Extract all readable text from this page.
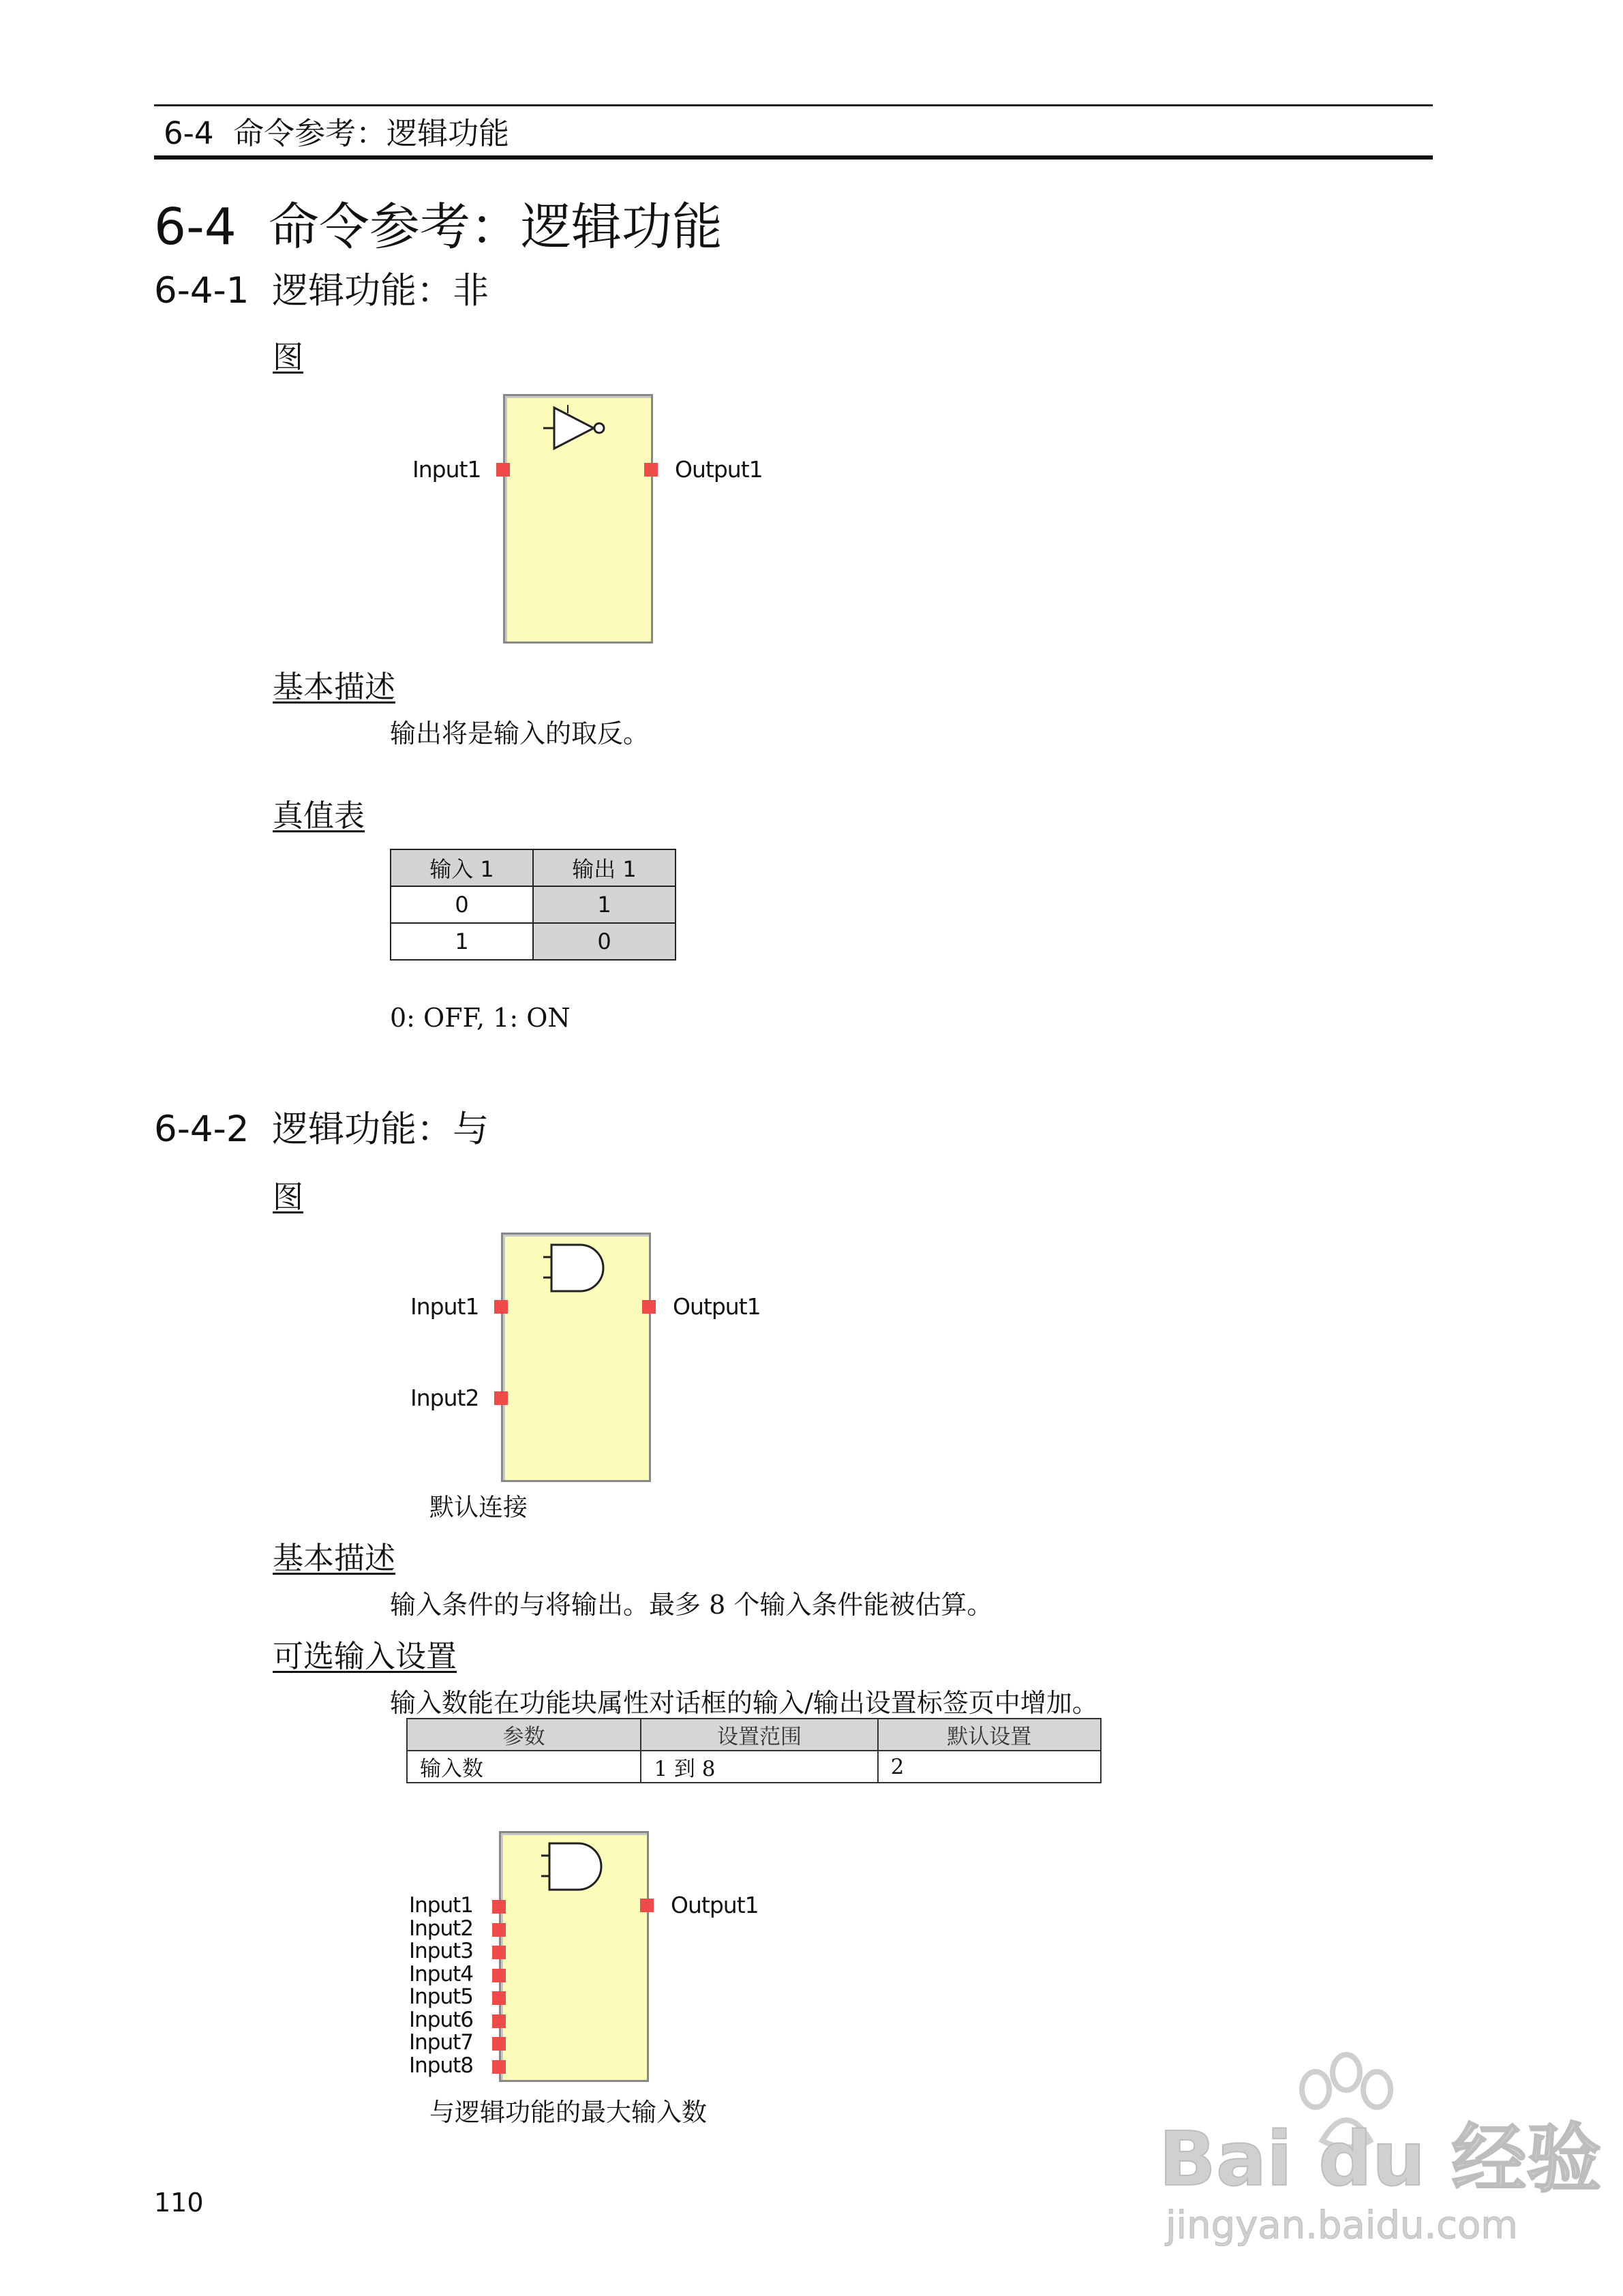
6-4 命令参考：逻辑功能
6-4 命令参考：逻辑功能
6-4-1 逻辑功能：非
图
Input1	Output1
基本描述
输出将是输入的取反。
真值表
输入 1	输出 1
0	1
1	0
0: OFF, 1: ON
6-4-2 逻辑功能：与
图
Input1
Input2
Output1
默认连接
基本描述
输入条件的与将输出。最多 8 个输入条件能被估算。
可选输入设置
输入数能在功能块属性对话框的输入/输出设置标签页中增加。
参数	设置范围	默认设置
输入数	1 到 8	2
Output1
Input1
Input2
Input3
Input4
Input5
Input6
Input7
Input8
与逻辑功能的最大输入数
110	Bai du 经验
jingyan.baidu.com
